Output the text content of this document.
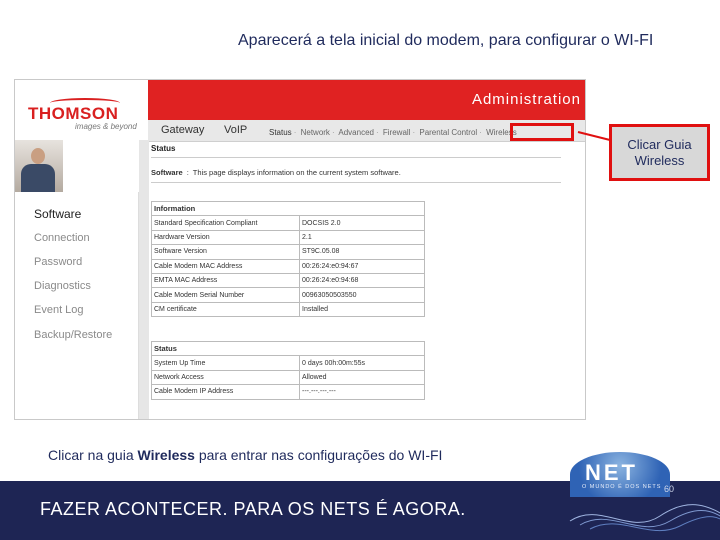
Aparecerá a tela inicial do modem, para configurar o WI-FI
THOMSON
images & beyond
Administration
Gateway VoIP	Status · Network · Advanced · Firewall · Parental Control · Wireless
Software
Connection
Password
Diagnostics
Event Log
Backup/Restore
Status
Software : This page displays information on the current system software.
Information	
Standard Specification Compliant	DOCSIS 2.0
Hardware Version	2.1
Software Version	ST9C.05.08
Cable Modem MAC Address	00:26:24:e0:94:67
EMTA MAC Address	00:26:24:e0:94:68
Cable Modem Serial Number	00963050503550
CM certificate	Installed
Status	
System Up Time	0 days 00h:00m:55s
Network Access	Allowed
Cable Modem IP Address	---.---.---.---
Clicar Guia Wireless
Clicar na guia Wireless para entrar nas configurações do WI-FI
FAZER ACONTECER. PARA OS NETS É AGORA.
NET
O MUNDO É DOS NETS 60
